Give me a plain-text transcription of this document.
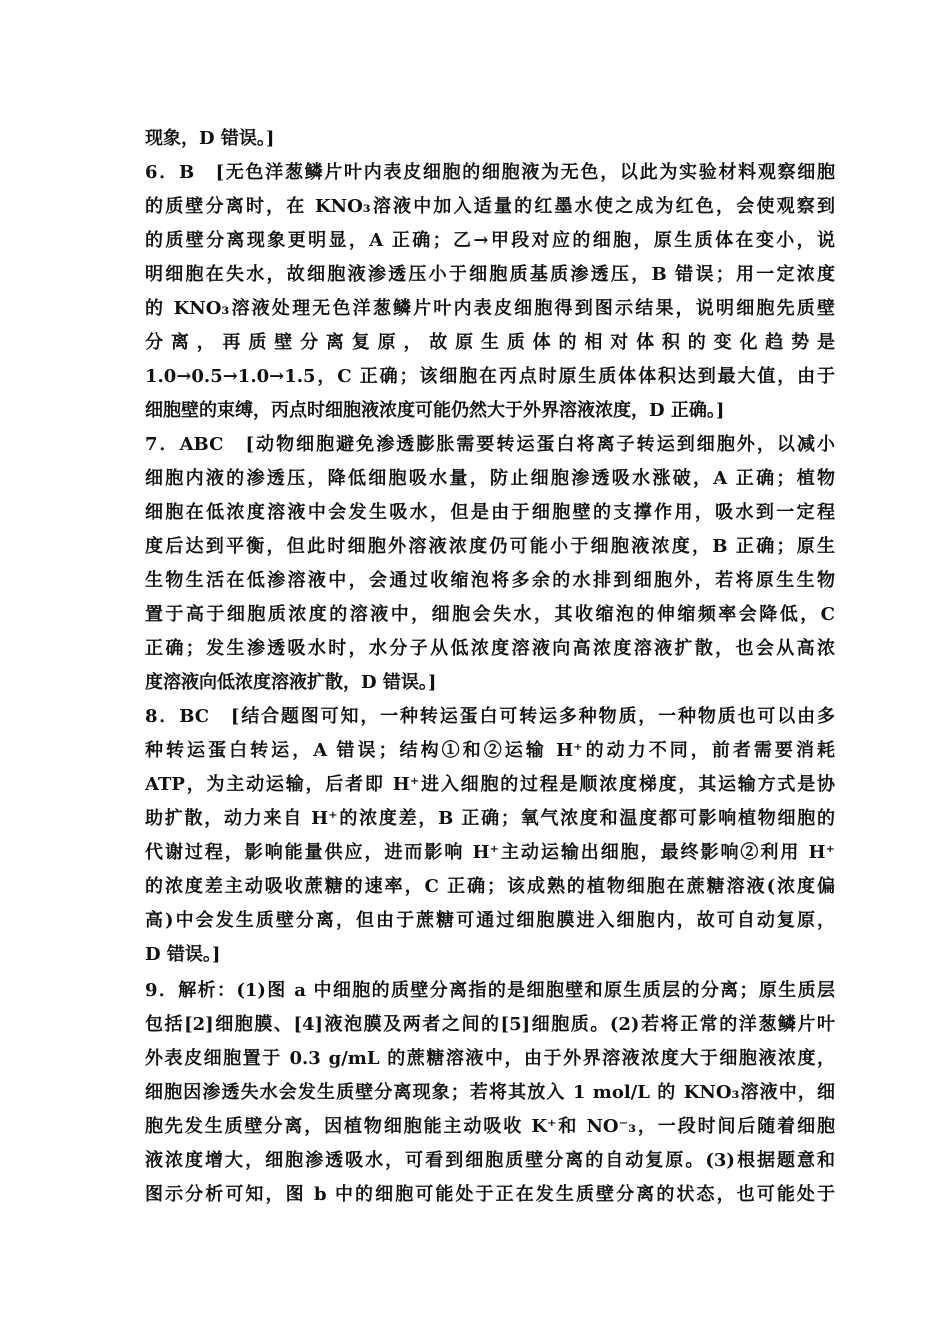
现象，D 错误。]
6．B　[无色洋葱鳞片叶内表皮细胞的细胞液为无色，以此为实验材料观察细胞
的质壁分离时，在 KNO₃溶液中加入适量的红墨水使之成为红色，会使观察到
的质壁分离现象更明显，A 正确；乙→甲段对应的细胞，原生质体在变小，说
明细胞在失水，故细胞液渗透压小于细胞质基质渗透压，B 错误；用一定浓度
的 KNO₃溶液处理无色洋葱鳞片叶内表皮细胞得到图示结果，说明细胞先质壁
分 离 ， 再 质 壁 分 离 复 原 ， 故 原 生 质 体 的 相 对 体 积 的 变 化 趋 势 是
1.0→0.5→1.0→1.5，C 正确；该细胞在丙点时原生质体体积达到最大值，由于
细胞壁的束缚，丙点时细胞液浓度可能仍然大于外界溶液浓度，D 正确。]
7．ABC　[动物细胞避免渗透膨胀需要转运蛋白将离子转运到细胞外，以减小
细胞内液的渗透压，降低细胞吸水量，防止细胞渗透吸水涨破，A 正确；植物
细胞在低浓度溶液中会发生吸水，但是由于细胞壁的支撑作用，吸水到一定程
度后达到平衡，但此时细胞外溶液浓度仍可能小于细胞液浓度，B 正确；原生
生物生活在低渗溶液中，会通过收缩泡将多余的水排到细胞外，若将原生生物
置于高于细胞质浓度的溶液中，细胞会失水，其收缩泡的伸缩频率会降低，C
正确；发生渗透吸水时，水分子从低浓度溶液向高浓度溶液扩散，也会从高浓
度溶液向低浓度溶液扩散，D 错误。]
8．BC　[结合题图可知，一种转运蛋白可转运多种物质，一种物质也可以由多
种转运蛋白转运，A 错误；结构①和②运输 H⁺的动力不同，前者需要消耗
ATP，为主动运输，后者即 H⁺进入细胞的过程是顺浓度梯度，其运输方式是协
助扩散，动力来自 H⁺的浓度差，B 正确；氧气浓度和温度都可影响植物细胞的
代谢过程，影响能量供应，进而影响 H⁺主动运输出细胞，最终影响②利用 H⁺
的浓度差主动吸收蔗糖的速率，C 正确；该成熟的植物细胞在蔗糖溶液(浓度偏
高)中会发生质壁分离，但由于蔗糖可通过细胞膜进入细胞内，故可自动复原，
D 错误。]
9．解析：(1)图 a 中细胞的质壁分离指的是细胞壁和原生质层的分离；原生质层
包括[2]细胞膜、[4]液泡膜及两者之间的[5]细胞质。(2)若将正常的洋葱鳞片叶
外表皮细胞置于 0.3 g/mL 的蔗糖溶液中，由于外界溶液浓度大于细胞液浓度，
细胞因渗透失水会发生质壁分离现象；若将其放入 1 mol/L 的 KNO₃溶液中，细
胞先发生质壁分离，因植物细胞能主动吸收 K⁺和 NO⁻₃，一段时间后随着细胞
液浓度增大，细胞渗透吸水，可看到细胞质壁分离的自动复原。(3)根据题意和
图示分析可知，图 b 中的细胞可能处于正在发生质壁分离的状态，也可能处于
